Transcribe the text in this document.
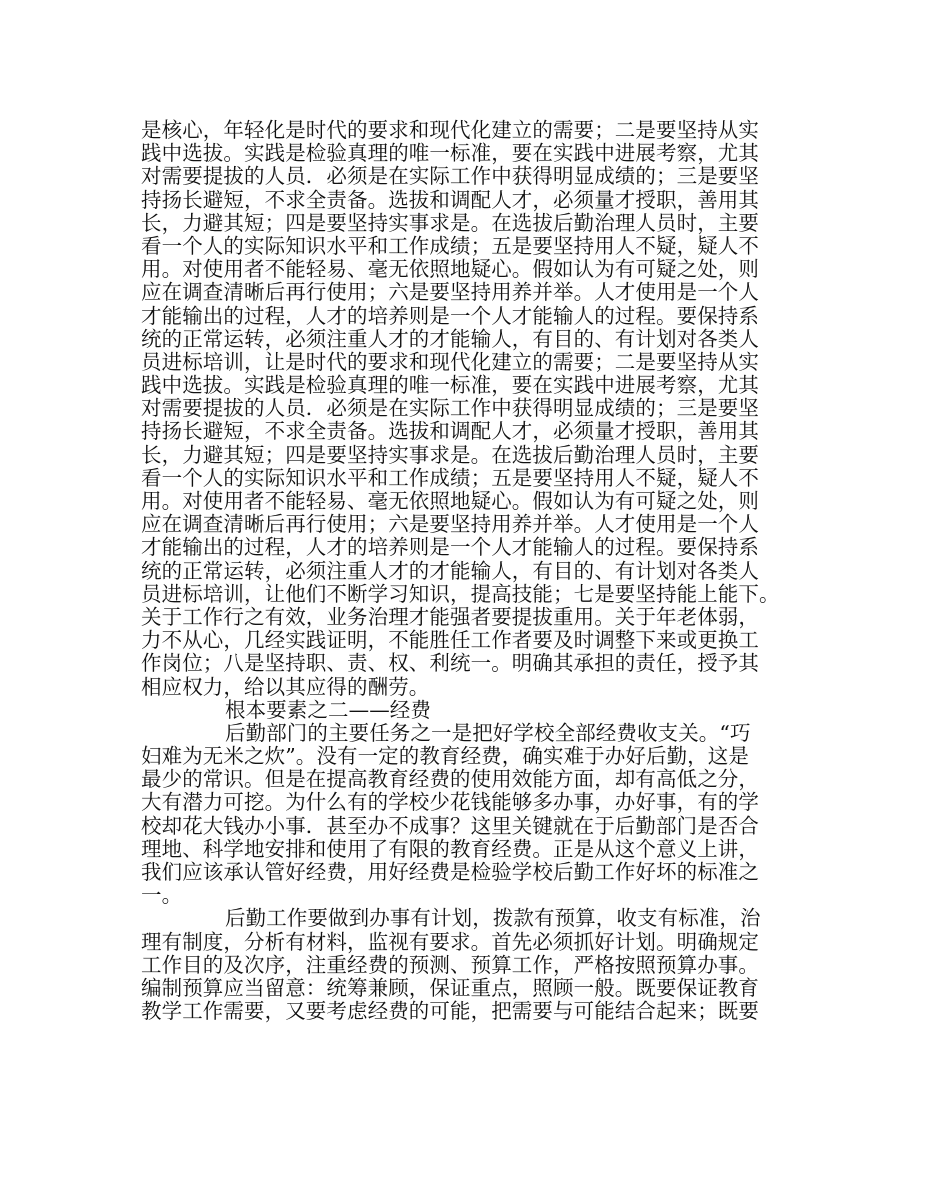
是核心，年轻化是时代的要求和现代化建立的需要；二是要坚持从实
践中选拔。实践是检验真理的唯一标准，要在实践中进展考察，尤其
对需要提拔的人员．必须是在实际工作中获得明显成绩的；三是要坚
持扬长避短，不求全责备。选拔和调配人才，必须量才授职，善用其
长，力避其短；四是要坚持实事求是。在选拔后勤治理人员时，主要
看一个人的实际知识水平和工作成绩；五是要坚持用人不疑，疑人不
用。对使用者不能轻易、毫无依照地疑心。假如认为有可疑之处，则
应在调查清晰后再行使用；六是要坚持用养并举。人才使用是一个人
才能输出的过程，人才的培养则是一个人才能输人的过程。要保持系
统的正常运转，必须注重人才的才能输人，有目的、有计划对各类人
员进标培训，让是时代的要求和现代化建立的需要；二是要坚持从实
践中选拔。实践是检验真理的唯一标准，要在实践中进展考察，尤其
对需要提拔的人员．必须是在实际工作中获得明显成绩的；三是要坚
持扬长避短，不求全责备。选拔和调配人才，必须量才授职，善用其
长，力避其短；四是要坚持实事求是。在选拔后勤治理人员时，主要
看一个人的实际知识水平和工作成绩；五是要坚持用人不疑，疑人不
用。对使用者不能轻易、毫无依照地疑心。假如认为有可疑之处，则
应在调查清晰后再行使用；六是要坚持用养并举。人才使用是一个人
才能输出的过程，人才的培养则是一个人才能输人的过程。要保持系
统的正常运转，必须注重人才的才能输人，有目的、有计划对各类人
员进标培训，让他们不断学习知识，提高技能；七是要坚持能上能下。
关于工作行之有效，业务治理才能强者要提拔重用。关于年老体弱，
力不从心，几经实践证明，不能胜任工作者要及时调整下来或更换工
作岗位；八是坚持职、责、权、利统一。明确其承担的责任，授予其
相应权力，给以其应得的酬劳。
根本要素之二——经费
后勤部门的主要任务之一是把好学校全部经费收支关。“巧
妇难为无米之炊”。没有一定的教育经费，确实难于办好后勤，这是
最少的常识。但是在提高教育经费的使用效能方面，却有高低之分，
大有潜力可挖。为什么有的学校少花钱能够多办事，办好事，有的学
校却花大钱办小事．甚至办不成事？这里关键就在于后勤部门是否合
理地、科学地安排和使用了有限的教育经费。正是从这个意义上讲，
我们应该承认管好经费，用好经费是检验学校后勤工作好坏的标准之
一。
后勤工作要做到办事有计划，拨款有预算，收支有标准，治
理有制度，分析有材料，监视有要求。首先必须抓好计划。明确规定
工作目的及次序，注重经费的预测、预算工作，严格按照预算办事。
编制预算应当留意：统筹兼顾，保证重点，照顾一般。既要保证教育
教学工作需要，又要考虑经费的可能，把需要与可能结合起来；既要
